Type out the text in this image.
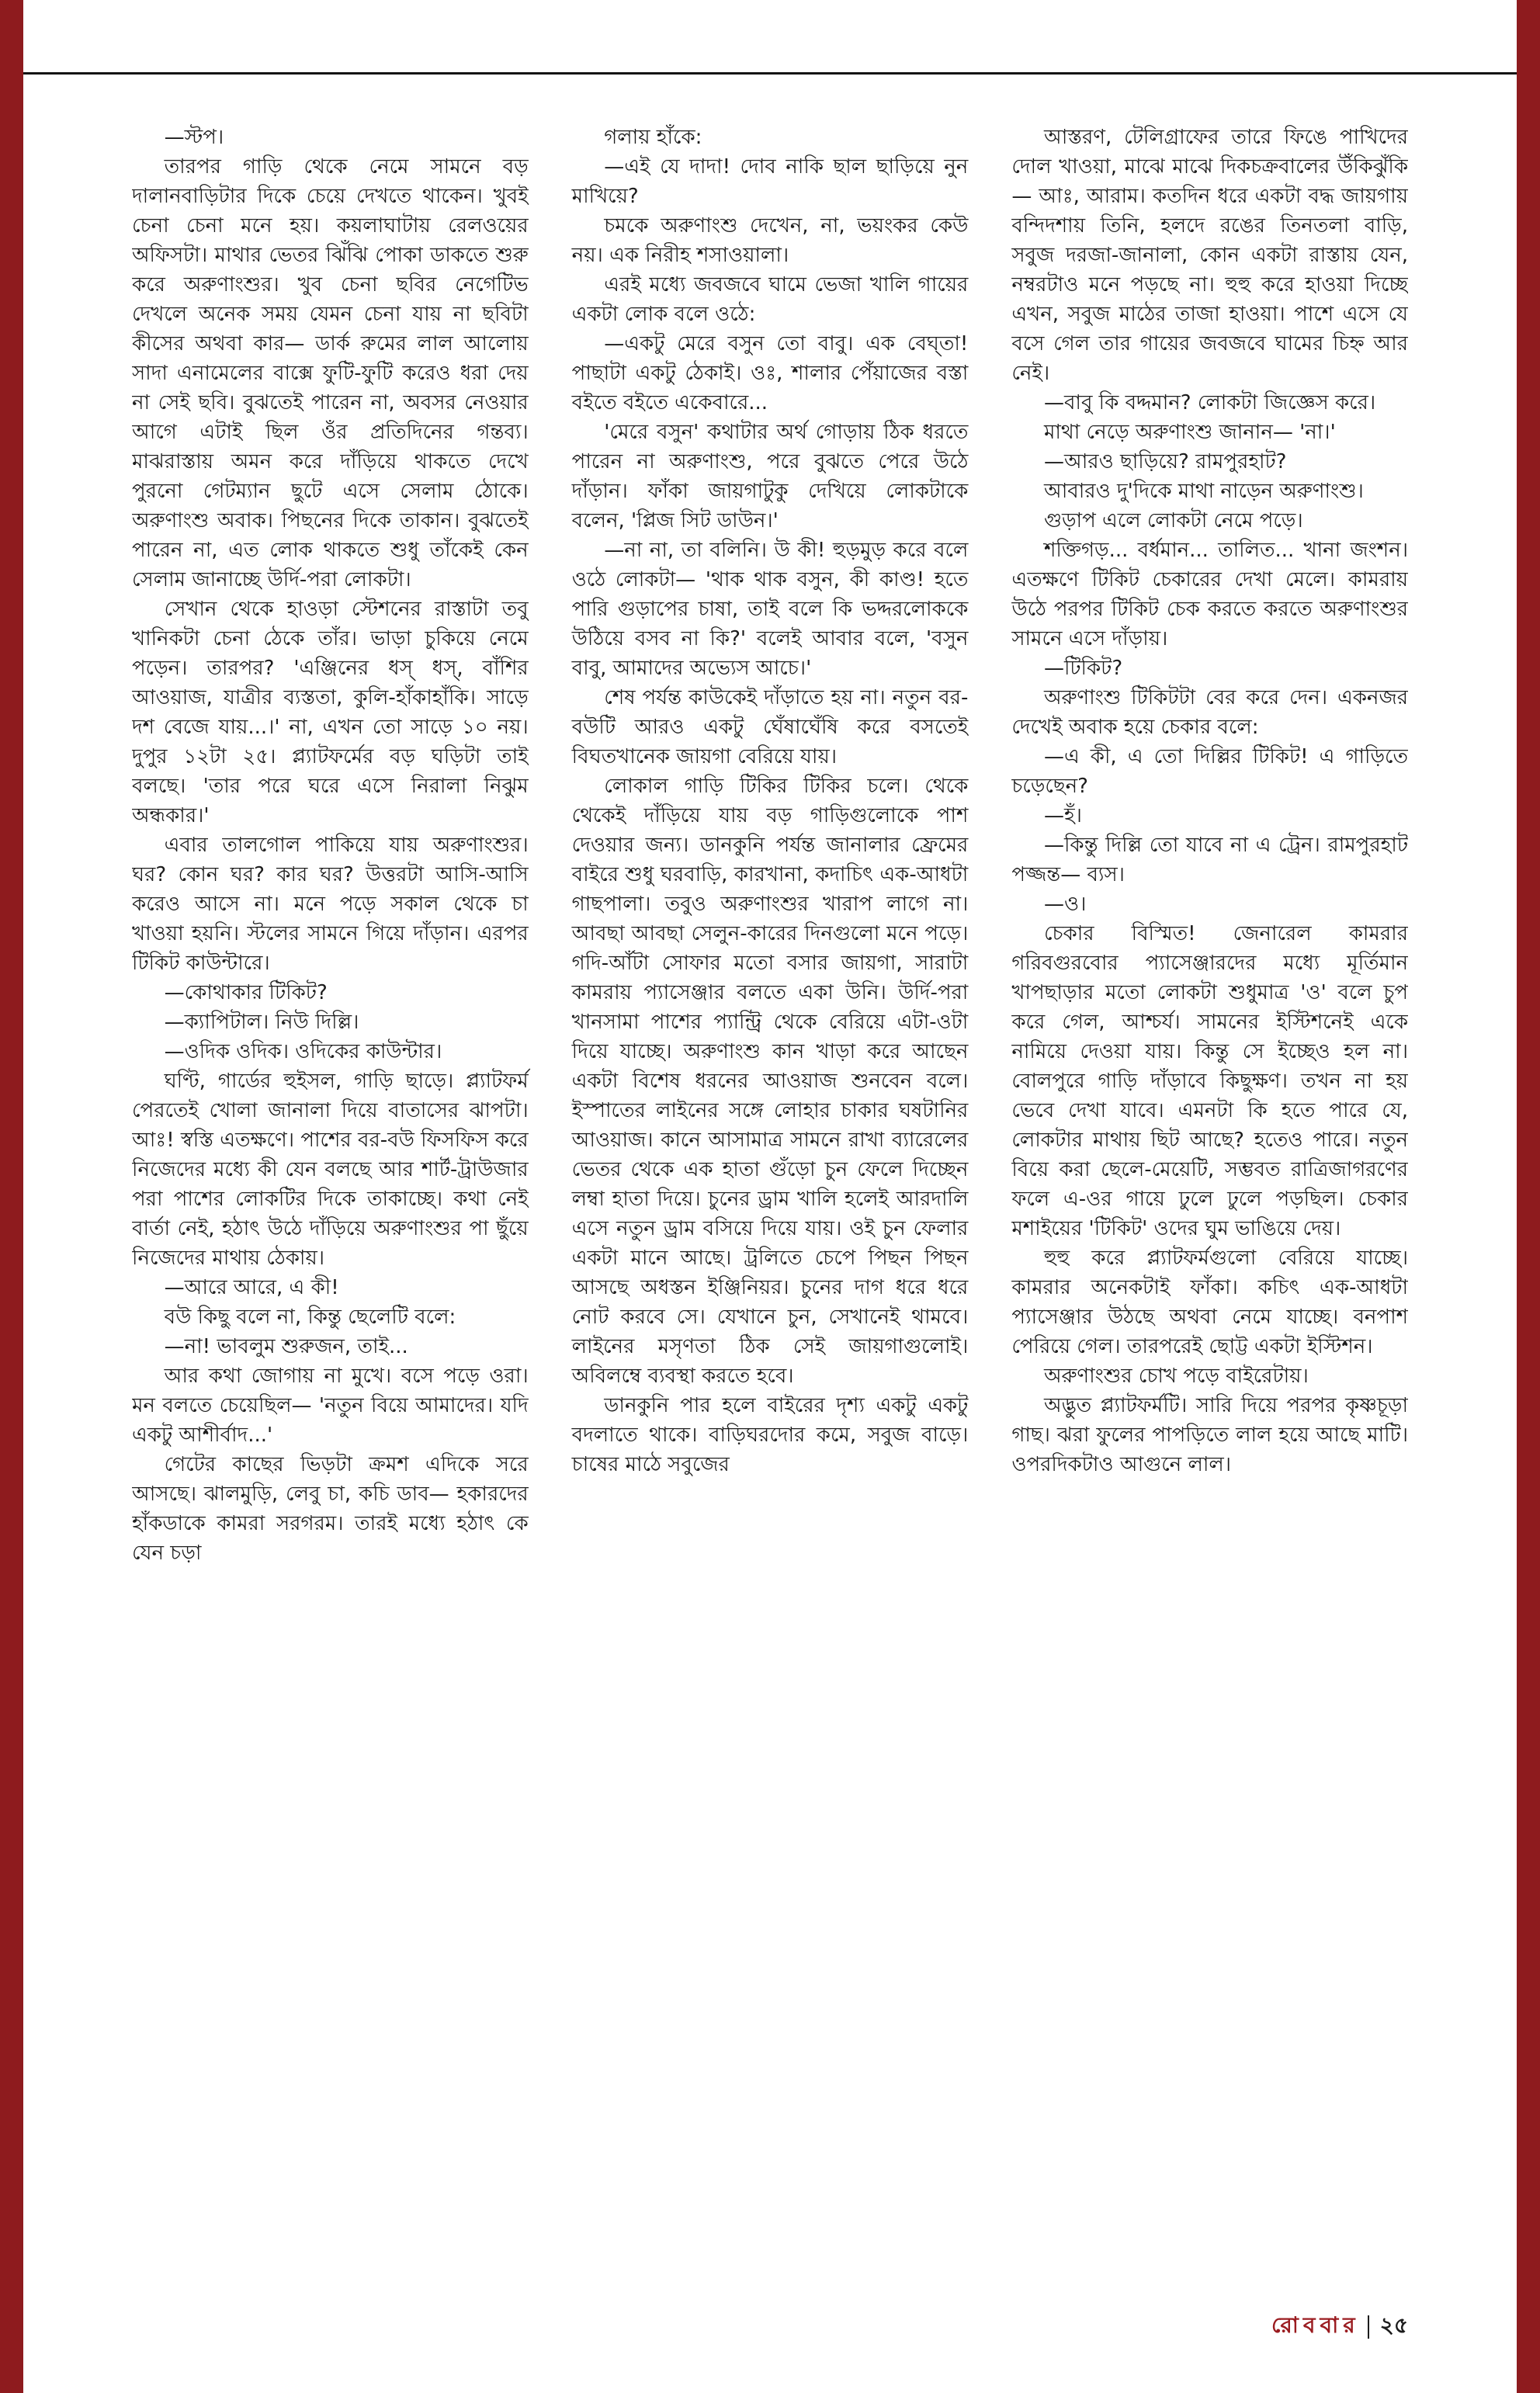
—স্টপ।

তারপর গাড়ি থেকে নেমে সামনে বড় দালানবাড়িটার দিকে চেয়ে দেখতে থাকেন। খুবই চেনা চেনা মনে হয়। কয়লাঘাটায় রেলওয়ের অফিসটা। মাথার ভেতর ঝিঁঝি পোকা ডাকতে শুরু করে অরুণাংশুর। খুব চেনা ছবির নেগেটিভ দেখলে অনেক সময় যেমন চেনা যায় না ছবিটা কীসের অথবা কার— ডার্ক রুমের লাল আলোয় সাদা এনামেলের বাক্সে ফুটি-ফুটি করেও ধরা দেয় না সেই ছবি। বুঝতেই পারেন না, অবসর নেওয়ার আগে এটাই ছিল ওঁর প্রতিদিনের গন্তব্য। মাঝরাস্তায় অমন করে দাঁড়িয়ে থাকতে দেখে পুরনো গেটম্যান ছুটে এসে সেলাম ঠোকে। অরুণাংশু অবাক। পিছনের দিকে তাকান। বুঝতেই পারেন না, এত লোক থাকতে শুধু তাঁকেই কেন সেলাম জানাচ্ছে উর্দি-পরা লোকটা।

সেখান থেকে হাওড়া স্টেশনের রাস্তাটা তবু খানিকটা চেনা ঠেকে তাঁর। ভাড়া চুকিয়ে নেমে পড়েন। তারপর? 'এঞ্জিনের ধস্ ধস্, বাঁশির আওয়াজ, যাত্রীর ব্যস্ততা, কুলি-হাঁকাহাঁকি। সাড়ে দশ বেজে যায়...।' না, এখন তো সাড়ে ১০ নয়। দুপুর ১২টা ২৫। প্ল্যাটফর্মের বড় ঘড়িটা তাই বলছে। 'তার পরে ঘরে এসে নিরালা নিঝুম অন্ধকার।'

এবার তালগোল পাকিয়ে যায় অরুণাংশুর। ঘর? কোন ঘর? কার ঘর? উত্তরটা আসি-আসি করেও আসে না। মনে পড়ে সকাল থেকে চা খাওয়া হয়নি। স্টলের সামনে গিয়ে দাঁড়ান। এরপর টিকিট কাউন্টারে।

—কোথাকার টিকিট?

—ক্যাপিটাল। নিউ দিল্লি।

—ওদিক ওদিক। ওদিকের কাউন্টার।

ঘণ্টি, গার্ডের হুইসল, গাড়ি ছাড়ে। প্ল্যাটফর্ম পেরতেই খোলা জানালা দিয়ে বাতাসের ঝাপটা। আঃ! স্বস্তি এতক্ষণে। পাশের বর-বউ ফিসফিস করে নিজেদের মধ্যে কী যেন বলছে আর শার্ট-ট্রাউজার পরা পাশের লোকটির দিকে তাকাচ্ছে। কথা নেই বার্তা নেই, হঠাৎ উঠে দাঁড়িয়ে অরুণাংশুর পা ছুঁয়ে নিজেদের মাথায় ঠেকায়।

—আরে আরে, এ কী!

বউ কিছু বলে না, কিন্তু ছেলেটি বলে:

—না! ভাবলুম শুরুজন, তাই...

আর কথা জোগায় না মুখে। বসে পড়ে ওরা। মন বলতে চেয়েছিল— 'নতুন বিয়ে আমাদের। যদি একটু আশীর্বাদ...'

গেটের কাছের ভিড়টা ক্রমশ এদিকে সরে আসছে। ঝালমুড়ি, লেবু চা, কচি ডাব— হকারদের হাঁকডাকে কামরা সরগরম। তারই মধ্যে হঠাৎ কে যেন চড়া

গলায় হাঁকে:

—এই যে দাদা! দোব নাকি ছাল ছাড়িয়ে নুন মাখিয়ে?

চমকে অরুণাংশু দেখেন, না, ভয়ংকর কেউ নয়। এক নিরীহ শসাওয়ালা।

এরই মধ্যে জবজবে ঘামে ভেজা খালি গায়ের একটা লোক বলে ওঠে:

—একটু মেরে বসুন তো বাবু। এক বেঘ্তা! পাছাটা একটু ঠেকাই। ওঃ, শালার পেঁয়াজের বস্তা বইতে বইতে একেবারে...

'মেরে বসুন' কথাটার অর্থ গোড়ায় ঠিক ধরতে পারেন না অরুণাংশু, পরে বুঝতে পেরে উঠে দাঁড়ান। ফাঁকা জায়গাটুকু দেখিয়ে লোকটাকে বলেন, 'প্লিজ সিট ডাউন।'

—না না, তা বলিনি। উ কী! হুড়মুড় করে বলে ওঠে লোকটা— 'থাক থাক বসুন, কী কাণ্ড! হতে পারি গুড়াপের চাষা, তাই বলে কি ভদ্দরলোককে উঠিয়ে বসব না কি?' বলেই আবার বলে, 'বসুন বাবু, আমাদের অভ্যেস আচে।'

শেষ পর্যন্ত কাউকেই দাঁড়াতে হয় না। নতুন বর-বউটি আরও একটু ঘেঁষাঘেঁষি করে বসতেই বিঘতখানেক জায়গা বেরিয়ে যায়।

লোকাল গাড়ি টিকির টিকির চলে। থেকে থেকেই দাঁড়িয়ে যায় বড় গাড়িগুলোকে পাশ দেওয়ার জন্য। ডানকুনি পর্যন্ত জানালার ফ্রেমের বাইরে শুধু ঘরবাড়ি, কারখানা, কদাচিৎ এক-আধটা গাছপালা। তবুও অরুণাংশুর খারাপ লাগে না। আবছা আবছা সেলুন-কারের দিনগুলো মনে পড়ে। গদি-আঁটা সোফার মতো বসার জায়গা, সারাটা কামরায় প্যাসেঞ্জার বলতে একা উনি। উর্দি-পরা খানসামা পাশের প্যান্ট্রি থেকে বেরিয়ে এটা-ওটা দিয়ে যাচ্ছে। অরুণাংশু কান খাড়া করে আছেন একটা বিশেষ ধরনের আওয়াজ শুনবেন বলে। ইস্পাতের লাইনের সঙ্গে লোহার চাকার ঘষটানির আওয়াজ। কানে আসামাত্র সামনে রাখা ব্যারেলের ভেতর থেকে এক হাতা গুঁড়ো চুন ফেলে দিচ্ছেন লম্বা হাতা দিয়ে। চুনের ড্রাম খালি হলেই আরদালি এসে নতুন ড্রাম বসিয়ে দিয়ে যায়। ওই চুন ফেলার একটা মানে আছে। ট্রলিতে চেপে পিছন পিছন আসছে অধস্তন ইঞ্জিনিয়র। চুনের দাগ ধরে ধরে নোট করবে সে। যেখানে চুন, সেখানেই থামবে। লাইনের মসৃণতা ঠিক সেই জায়গাগুলোই। অবিলম্বে ব্যবস্থা করতে হবে।

ডানকুনি পার হলে বাইরের দৃশ্য একটু একটু বদলাতে থাকে। বাড়িঘরদোর কমে, সবুজ বাড়ে। চাষের মাঠে সবুজের

আস্তরণ, টেলিগ্রাফের তারে ফিঙে পাখিদের দোল খাওয়া, মাঝে মাঝে দিকচক্রবালের উঁকিঝুঁকি— আঃ, আরাম। কতদিন ধরে একটা বদ্ধ জায়গায় বন্দিদশায় তিনি, হলদে রঙের তিনতলা বাড়ি, সবুজ দরজা-জানালা, কোন একটা রাস্তায় যেন, নম্বরটাও মনে পড়ছে না। হুহু করে হাওয়া দিচ্ছে এখন, সবুজ মাঠের তাজা হাওয়া। পাশে এসে যে বসে গেল তার গায়ের জবজবে ঘামের চিহ্ন আর নেই।

—বাবু কি বদ্দমান? লোকটা জিজ্ঞেস করে।

মাথা নেড়ে অরুণাংশু জানান— 'না।'

—আরও ছাড়িয়ে? রামপুরহাট?

আবারও দু'দিকে মাথা নাড়েন অরুণাংশু।

গুড়াপ এলে লোকটা নেমে পড়ে।

শক্তিগড়... বর্ধমান... তালিত... খানা জংশন। এতক্ষণে টিকিট চেকারের দেখা মেলে। কামরায় উঠে পরপর টিকিট চেক করতে করতে অরুণাংশুর সামনে এসে দাঁড়ায়।

—টিকিট?

অরুণাংশু টিকিটটা বের করে দেন। একনজর দেখেই অবাক হয়ে চেকার বলে:

—এ কী, এ তো দিল্লির টিকিট! এ গাড়িতে চড়েছেন?

—হঁ।

—কিন্তু দিল্লি তো যাবে না এ ট্রেন। রামপুরহাট পজ্জন্ত— ব্যস।

—ও।

চেকার বিস্মিত! জেনারেল কামরার গরিবগুরবোর প্যাসেঞ্জারদের মধ্যে মূর্তিমান খাপছাড়ার মতো লোকটা শুধুমাত্র 'ও' বলে চুপ করে গেল, আশ্চর্য। সামনের ইস্টিশনেই একে নামিয়ে দেওয়া যায়। কিন্তু সে ইচ্ছেও হল না। বোলপুরে গাড়ি দাঁড়াবে কিছুক্ষণ। তখন না হয় ভেবে দেখা যাবে। এমনটা কি হতে পারে যে, লোকটার মাথায় ছিট আছে? হতেও পারে। নতুন বিয়ে করা ছেলে-মেয়েটি, সম্ভবত রাত্রিজাগরণের ফলে এ-ওর গায়ে ঢুলে ঢুলে পড়ছিল। চেকার মশাইয়ের 'টিকিট' ওদের ঘুম ভাঙিয়ে দেয়।

হুহু করে প্ল্যাটফর্মগুলো বেরিয়ে যাচ্ছে। কামরার অনেকটাই ফাঁকা। কচিৎ এক-আধটা প্যাসেঞ্জার উঠছে অথবা নেমে যাচ্ছে। বনপাশ পেরিয়ে গেল। তারপরেই ছোট্ট একটা ইস্টিশন।

অরুণাংশুর চোখ পড়ে বাইরেটায়।

অদ্ভুত প্ল্যাটফর্মটি। সারি দিয়ে পরপর কৃষ্ণচূড়া গাছ। ঝরা ফুলের পাপড়িতে লাল হয়ে আছে মাটি। ওপরদিকটাও আগুনে লাল।

রোববার ২৫
